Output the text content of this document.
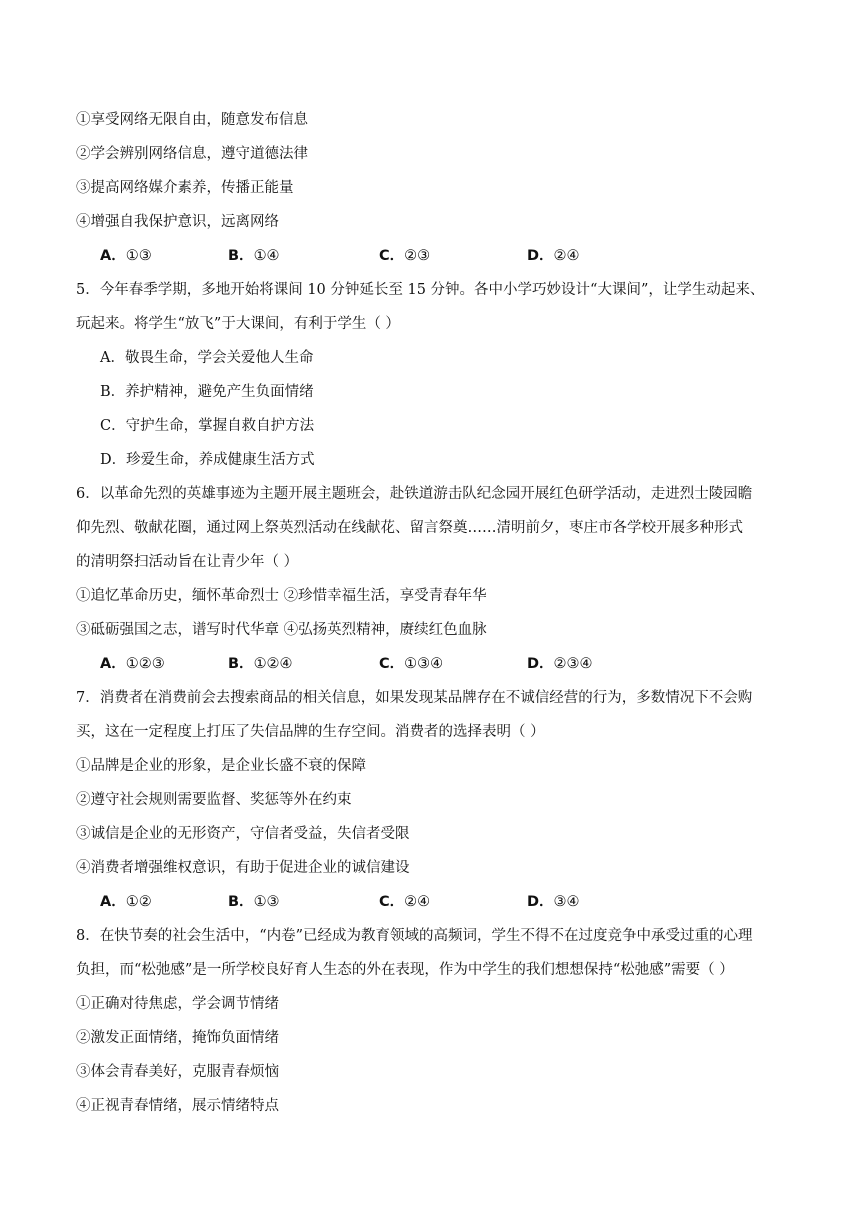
①享受网络无限自由，随意发布信息
②学会辨别网络信息，遵守道德法律
③提高网络媒介素养，传播正能量
④增强自我保护意识，远离网络
A．①③	B．①④	C．②③	D．②④
5．今年春季学期，多地开始将课间 10 分钟延长至 15 分钟。各中小学巧妙设计“大课间”，让学生动起来、
玩起来。将学生“放飞”于大课间，有利于学生（ ）
A．敬畏生命，学会关爱他人生命
B．养护精神，避免产生负面情绪
C．守护生命，掌握自救自护方法
D．珍爱生命，养成健康生活方式
6．以革命先烈的英雄事迹为主题开展主题班会，赴铁道游击队纪念园开展红色研学活动，走进烈士陵园瞻
仰先烈、敬献花圈，通过网上祭英烈活动在线献花、留言祭奠……清明前夕，枣庄市各学校开展多种形式
的清明祭扫活动旨在让青少年（ ）
①追忆革命历史，缅怀革命烈士 ②珍惜幸福生活，享受青春年华
③砥砺强国之志，谱写时代华章 ④弘扬英烈精神，赓续红色血脉
A．①②③	B．①②④	C．①③④	D．②③④
7．消费者在消费前会去搜索商品的相关信息，如果发现某品牌存在不诚信经营的行为，多数情况下不会购
买，这在一定程度上打压了失信品牌的生存空间。消费者的选择表明（ ）
①品牌是企业的形象，是企业长盛不衰的保障
②遵守社会规则需要监督、奖惩等外在约束
③诚信是企业的无形资产，守信者受益，失信者受限
④消费者增强维权意识，有助于促进企业的诚信建设
A．①②	B．①③	C．②④	D．③④
8．在快节奏的社会生活中，“内卷”已经成为教育领域的高频词，学生不得不在过度竞争中承受过重的心理
负担，而“松弛感”是一所学校良好育人生态的外在表现，作为中学生的我们想想保持“松弛感”需要（ ）
①正确对待焦虑，学会调节情绪
②激发正面情绪，掩饰负面情绪
③体会青春美好，克服青春烦恼
④正视青春情绪，展示情绪特点
